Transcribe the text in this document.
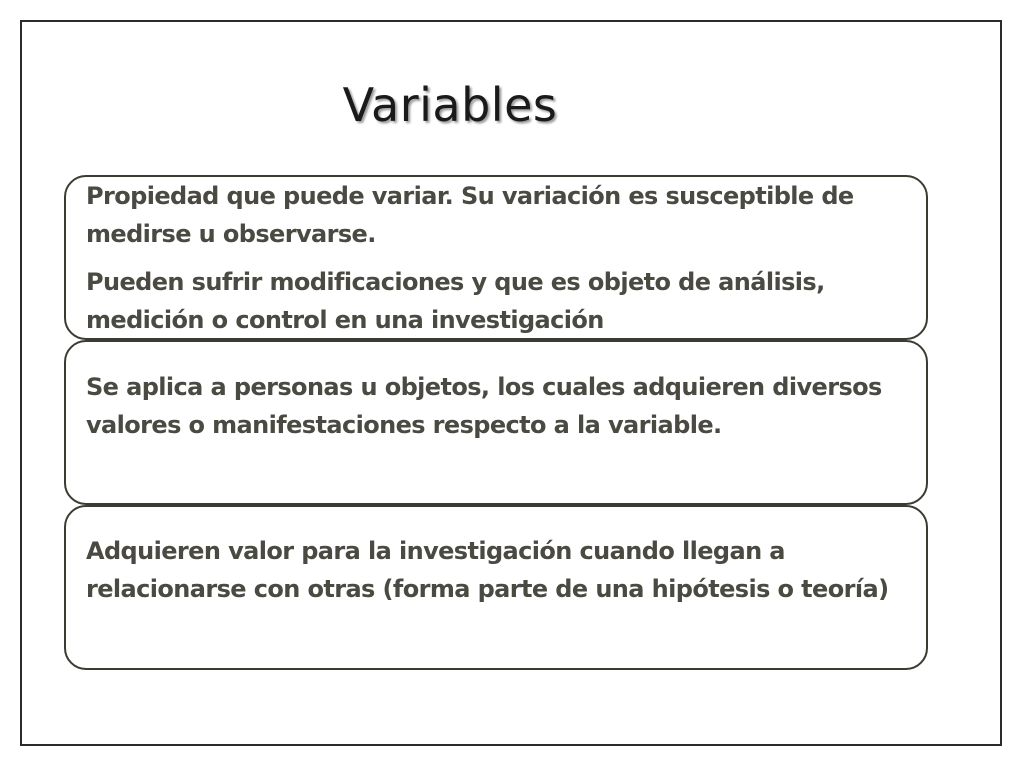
Variables

Propiedad que puede variar. Su variación es susceptible de medirse u observarse.

Pueden sufrir modificaciones y que es objeto de análisis, medición o control en una investigación

Se aplica a personas u objetos, los cuales adquieren diversos valores o manifestaciones respecto a la variable.

Adquieren valor para la investigación cuando llegan a relacionarse con otras (forma parte de una hipótesis o teoría)
